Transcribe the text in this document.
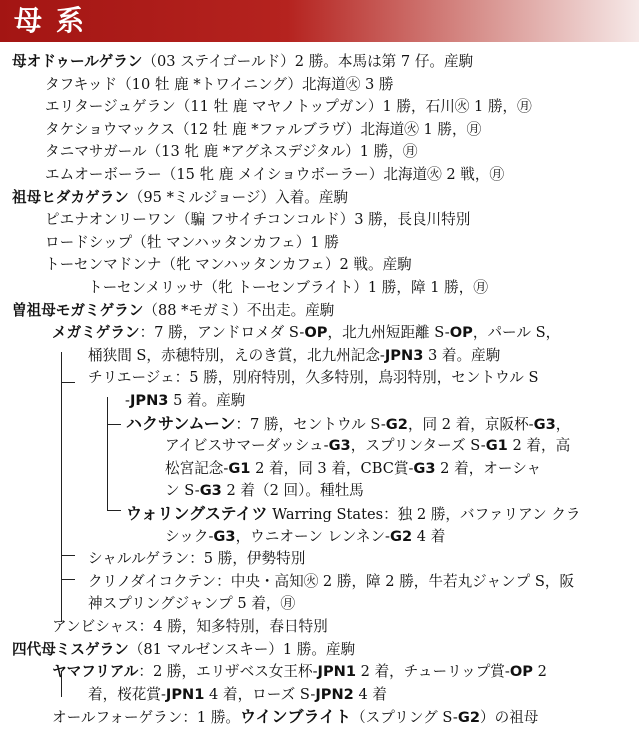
母系
母オドゥールゲラン（03 ステイゴールド）2 勝。本馬は第 7 仔。産駒
タフキッド（10 牡 鹿 *トワイニング）北海道㊋ 3 勝
エリタージュゲラン（11 牡 鹿 マヤノトップガン）1 勝，石川㊋ 1 勝，㊊
タケショウマックス（12 牡 鹿 *ファルブラヴ）北海道㊋ 1 勝，㊊
タニマサガール（13 牝 鹿 *アグネスデジタル）1 勝，㊊
エムオーボーラー（15 牝 鹿 メイショウボーラー）北海道㊋ 2 戦，㊊
祖母ヒダカゲラン（95 *ミルジョージ）入着。産駒
ピエナオンリーワン（騙 フサイチコンコルド）3 勝，長良川特別
ロードシップ（牡 マンハッタンカフェ）1 勝
トーセンマドンナ（牝 マンハッタンカフェ）2 戦。産駒
トーセンメリッサ（牝 トーセンブライト）1 勝，障 1 勝，㊊
曽祖母モガミゲラン（88 *モガミ）不出走。産駒
メガミゲラン：7 勝，アンドロメダ S-OP，北九州短距離 S-OP，パール S，
桶狭間 S，赤穂特別，えのき賞，北九州記念-JPN3 3 着。産駒
チリエージェ：5 勝，別府特別，久多特別，鳥羽特別，セントウル S
-JPN3 5 着。産駒
ハクサンムーン：7 勝，セントウル S-G2，同 2 着，京阪杯-G3，
アイビスサマーダッシュ-G3，スプリンターズ S-G1 2 着，高
松宮記念-G1 2 着，同 3 着，CBC賞-G3 2 着，オーシャ
ン S-G3 2 着（2 回）。種牡馬
ウォリングステイツ Warring States：独 2 勝，バファリアン クラ
シック-G3，ウニオーン レンネン-G2 4 着
シャルルゲラン：5 勝，伊勢特別
クリノダイコクテン：中央・高知㊋ 2 勝，障 2 勝，牛若丸ジャンプ S，阪
神スプリングジャンプ 5 着，㊊
アンビシャス：4 勝，知多特別，春日特別
四代母ミスゲラン（81 マルゼンスキー）1 勝。産駒
ヤマフリアル：2 勝，エリザベス女王杯-JPN1 2 着，チューリップ賞-OP 2
着，桜花賞-JPN1 4 着，ローズ S-JPN2 4 着
オールフォーゲラン：1 勝。ウインブライト（スプリング S-G2）の祖母
